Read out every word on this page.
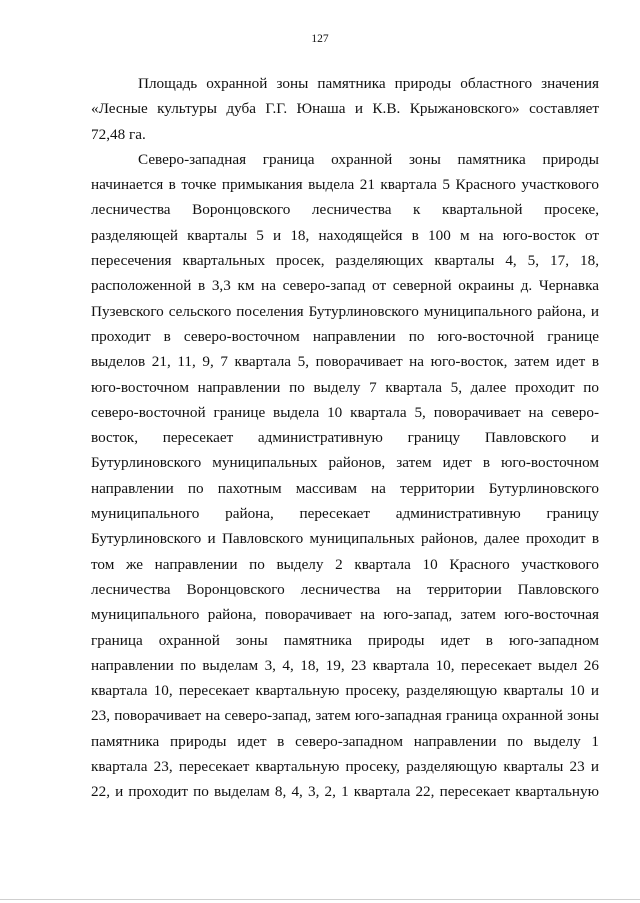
127
Площадь охранной зоны памятника природы областного значения
«Лесные культуры дуба Г.Г. Юнаша и К.В. Крыжановского» составляет
72,48 га.
Северо-западная граница охранной зоны памятника природы
начинается в точке примыкания выдела 21 квартала 5 Красного участкового
лесничества Воронцовского лесничества к квартальной просеке,
разделяющей кварталы 5 и 18, находящейся в 100 м на юго-восток от
пересечения квартальных просек, разделяющих кварталы 4, 5, 17, 18,
расположенной в 3,3 км на северо-запад от северной окраины д. Чернавка
Пузевского сельского поселения Бутурлиновского муниципального района, и
проходит в северо-восточном направлении по юго-восточной границе
выделов 21, 11, 9, 7 квартала 5, поворачивает на юго-восток, затем идет в
юго-восточном направлении по выделу 7 квартала 5, далее проходит по
северо-восточной границе выдела 10 квартала 5, поворачивает на северо-
восток, пересекает административную границу Павловского и
Бутурлиновского муниципальных районов, затем идет в юго-восточном
направлении по пахотным массивам на территории Бутурлиновского
муниципального района, пересекает административную границу
Бутурлиновского и Павловского муниципальных районов, далее проходит в
том же направлении по выделу 2 квартала 10 Красного участкового
лесничества Воронцовского лесничества на территории Павловского
муниципального района, поворачивает на юго-запад, затем юго-восточная
граница охранной зоны памятника природы идет в юго-западном
направлении по выделам 3, 4, 18, 19, 23 квартала 10, пересекает выдел 26
квартала 10, пересекает квартальную просеку, разделяющую кварталы 10 и
23, поворачивает на северо-запад, затем юго-западная граница охранной зоны
памятника природы идет в северо-западном направлении по выделу 1
квартала 23, пересекает квартальную просеку, разделяющую кварталы 23 и
22, и проходит по выделам 8, 4, 3, 2, 1 квартала 22, пересекает квартальную
